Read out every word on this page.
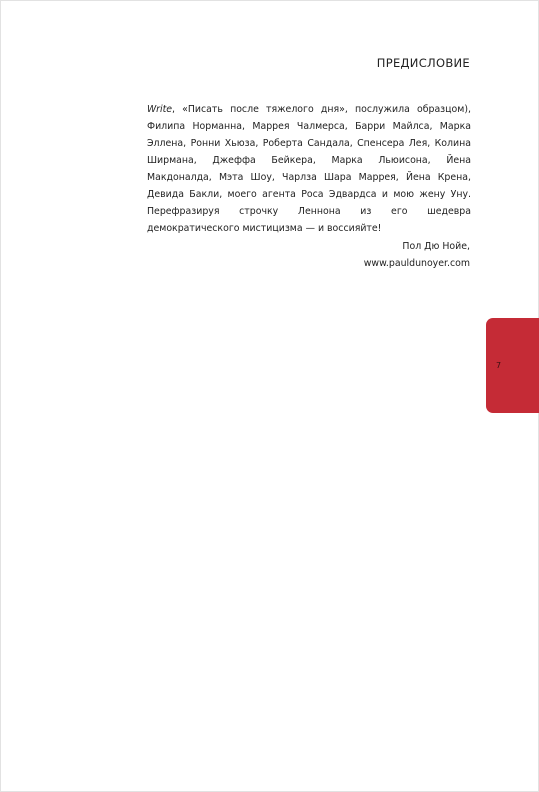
ПРЕДИСЛОВИЕ
Write, «Писать после тяжелого дня», послужила образцом),
Филипа Норманна, Маррея Чалмерса, Барри Майлса, Марка
Эллена, Ронни Хьюза, Роберта Сандала, Спенсера Лея, Колина
Ширмана, Джеффа Бейкера, Марка Льюисона, Йена
Макдоналда, Мэта Шоу, Чарлза Шара Маррея, Йена Крена,
Девида Бакли, моего агента Роса Эдвардса и мою жену Уну.
Перефразируя строчку Леннона из его шедевра
демократического мистицизма — и воссияйте!
Пол Дю Нойе,
www.pauldunoyer.com
7
